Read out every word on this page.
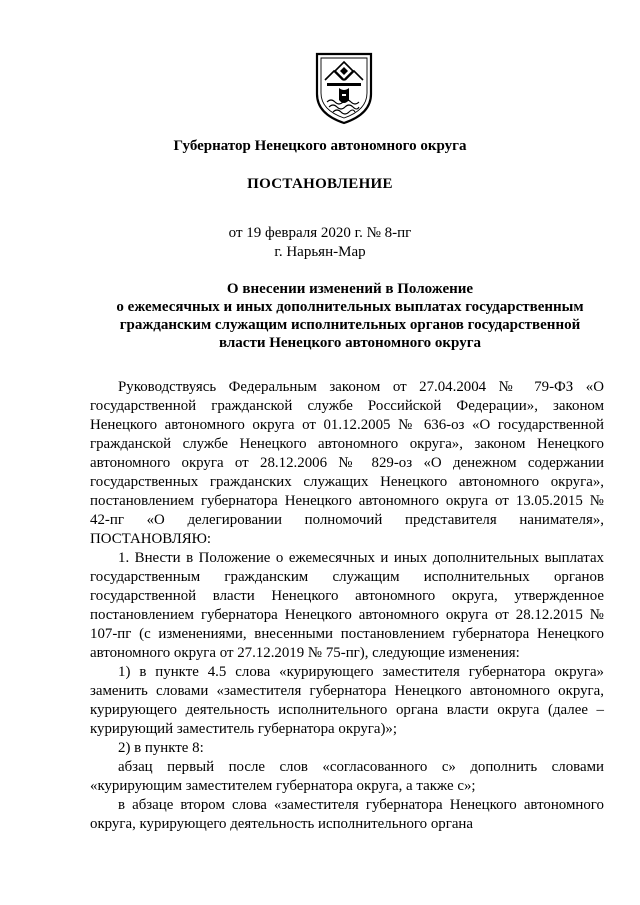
Губернатор Ненецкого автономного округа
ПОСТАНОВЛЕНИЕ
от 19 февраля 2020 г. № 8-пг
г. Нарьян-Мар
О внесении изменений в Положение
о ежемесячных и иных дополнительных выплатах государственным
гражданским служащим исполнительных органов государственной
власти Ненецкого автономного округа

Руководствуясь Федеральным законом от 27.04.2004 № 79-ФЗ «О государственной гражданской службе Российской Федерации», законом Ненецкого автономного округа от 01.12.2005 № 636-оз «О государственной гражданской службе Ненецкого автономного округа», законом Ненецкого автономного округа от 28.12.2006 № 829-оз «О денежном содержании государственных гражданских служащих Ненецкого автономного округа», постановлением губернатора Ненецкого автономного округа от 13.05.2015 № 42-пг «О делегировании полномочий представителя нанимателя», ПОСТАНОВЛЯЮ:

1. Внести в Положение о ежемесячных и иных дополнительных выплатах государственным гражданским служащим исполнительных органов государственной власти Ненецкого автономного округа, утвержденное постановлением губернатора Ненецкого автономного округа от 28.12.2015 № 107-пг (с изменениями, внесенными постановлением губернатора Ненецкого автономного округа от 27.12.2019 № 75-пг), следующие изменения:

1) в пункте 4.5 слова «курирующего заместителя губернатора округа» заменить словами «заместителя губернатора Ненецкого автономного округа, курирующего деятельность исполнительного органа власти округа (далее – курирующий заместитель губернатора округа)»;

2) в пункте 8:

абзац первый после слов «согласованного с» дополнить словами «курирующим заместителем губернатора округа, а также с»;

в абзаце втором слова «заместителя губернатора Ненецкого автономного округа, курирующего деятельность исполнительного органа
